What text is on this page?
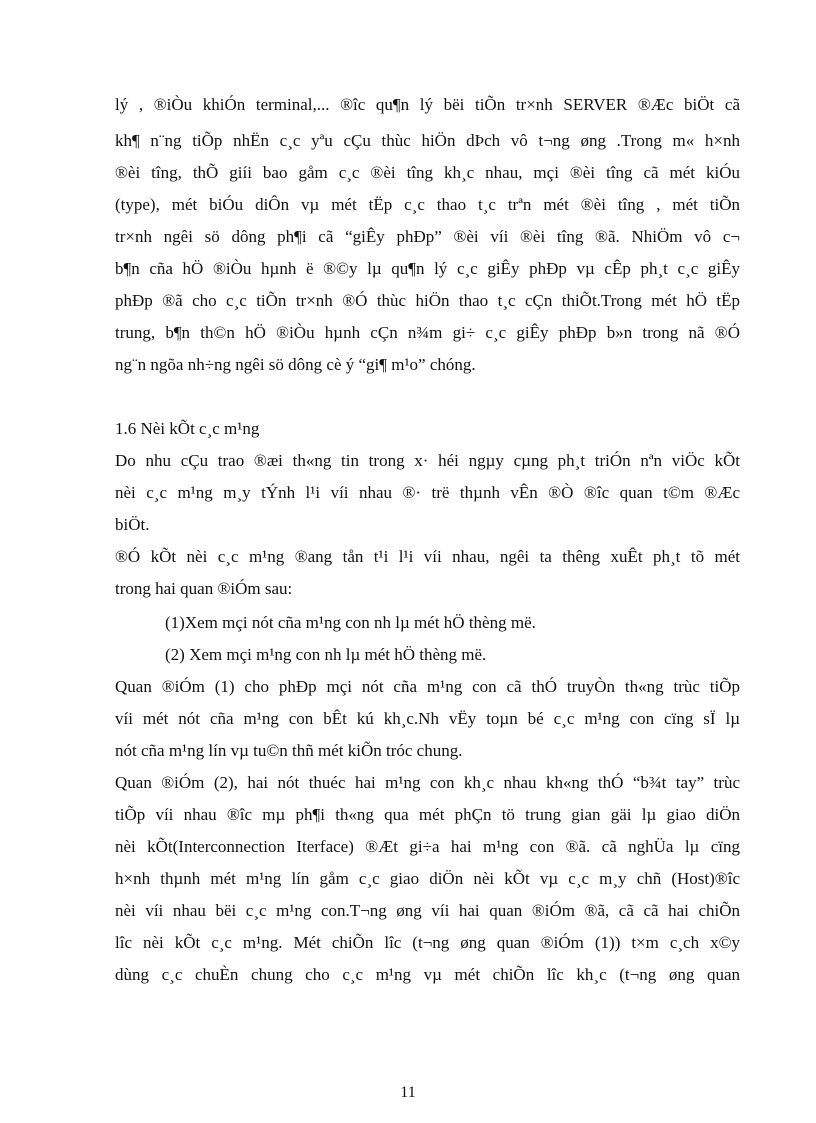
lý , ®iÒu khiÓn terminal,... ®îc qu¶n lý bëi tiÕn tr×nh SERVER ®Æc biÖt cã
kh¶ n¨ng tiÕp nhËn c¸c yªu cÇu thùc hiÖn dÞch vô t¬ng øng .Trong m« h×nh
®èi tîng, thÕ giíi bao gåm c¸c ®èi tîng kh¸c nhau, mçi ®èi tîng cã mét kiÓu
(type), mét biÓu diÔn vµ mét tËp c¸c thao t¸c trªn mét ®èi tîng , mét tiÕn
tr×nh ngêi sö dông ph¶i cã “giÊy phÐp” ®èi víi ®èi tîng ®ã. NhiÖm vô c¬
b¶n cña hÖ ®iÒu hµnh ë ®©y lµ qu¶n lý c¸c giÊy phÐp vµ cÊp ph¸t c¸c giÊy
phÐp ®ã cho c¸c tiÕn tr×nh ®Ó thùc hiÖn thao t¸c cÇn thiÕt.Trong mét hÖ tËp
trung, b¶n th©n hÖ ®iÒu hµnh cÇn n¾m gi÷ c¸c giÊy phÐp b»n trong nã ®Ó
ng¨n ngõa nh÷ng ngêi sö dông cè ý “gi¶ m¹o” chóng.
1.6 Nèi kÕt c¸c m¹ng
Do nhu cÇu trao ®æi th«ng tin trong x· héi ngµy cµng ph¸t triÓn nªn viÖc kÕt
nèi c¸c m¹ng m¸y tÝnh l¹i víi nhau ®· trë thµnh vÊn ®Ò ®îc quan t©m ®Æc
biÖt.
®Ó kÕt nèi c¸c m¹ng ®ang tån t¹i l¹i víi nhau, ngêi ta thêng xuÊt ph¸t tõ mét
trong hai quan ®iÓm sau:
(1)Xem mçi nót cña m¹ng con nh lµ mét hÖ thèng më.
(2) Xem mçi m¹ng con nh lµ mét hÖ thèng më.
Quan ®iÓm (1) cho phÐp mçi nót cña m¹ng con cã thÓ truyÒn th«ng trùc tiÕp
víi mét nót cña m¹ng con bÊt kú kh¸c.Nh vËy toµn bé c¸c m¹ng con cïng sÏ lµ
nót cña m¹ng lín vµ tu©n thñ mét kiÕn tróc chung.
Quan ®iÓm (2), hai nót thuéc hai m¹ng con kh¸c nhau kh«ng thÓ “b¾t tay” trùc
tiÕp víi nhau ®îc mµ ph¶i th«ng qua mét phÇn tö trung gian gäi lµ giao diÖn
nèi kÕt(Interconnection Iterface) ®Æt gi÷a hai m¹ng con ®ã. cã nghÜa lµ cïng
h×nh thµnh mét m¹ng lín gåm c¸c giao diÖn nèi kÕt vµ c¸c m¸y chñ (Host)®îc
nèi víi nhau bëi c¸c m¹ng con.T¬ng øng víi hai quan ®iÓm ®ã, cã cã hai chiÕn
lîc nèi kÕt c¸c m¹ng. Mét chiÕn lîc (t¬ng øng quan ®iÓm (1)) t×m c¸ch x©y
dùng c¸c chuÈn chung cho c¸c m¹ng vµ mét chiÕn lîc kh¸c (t¬ng øng quan
11
